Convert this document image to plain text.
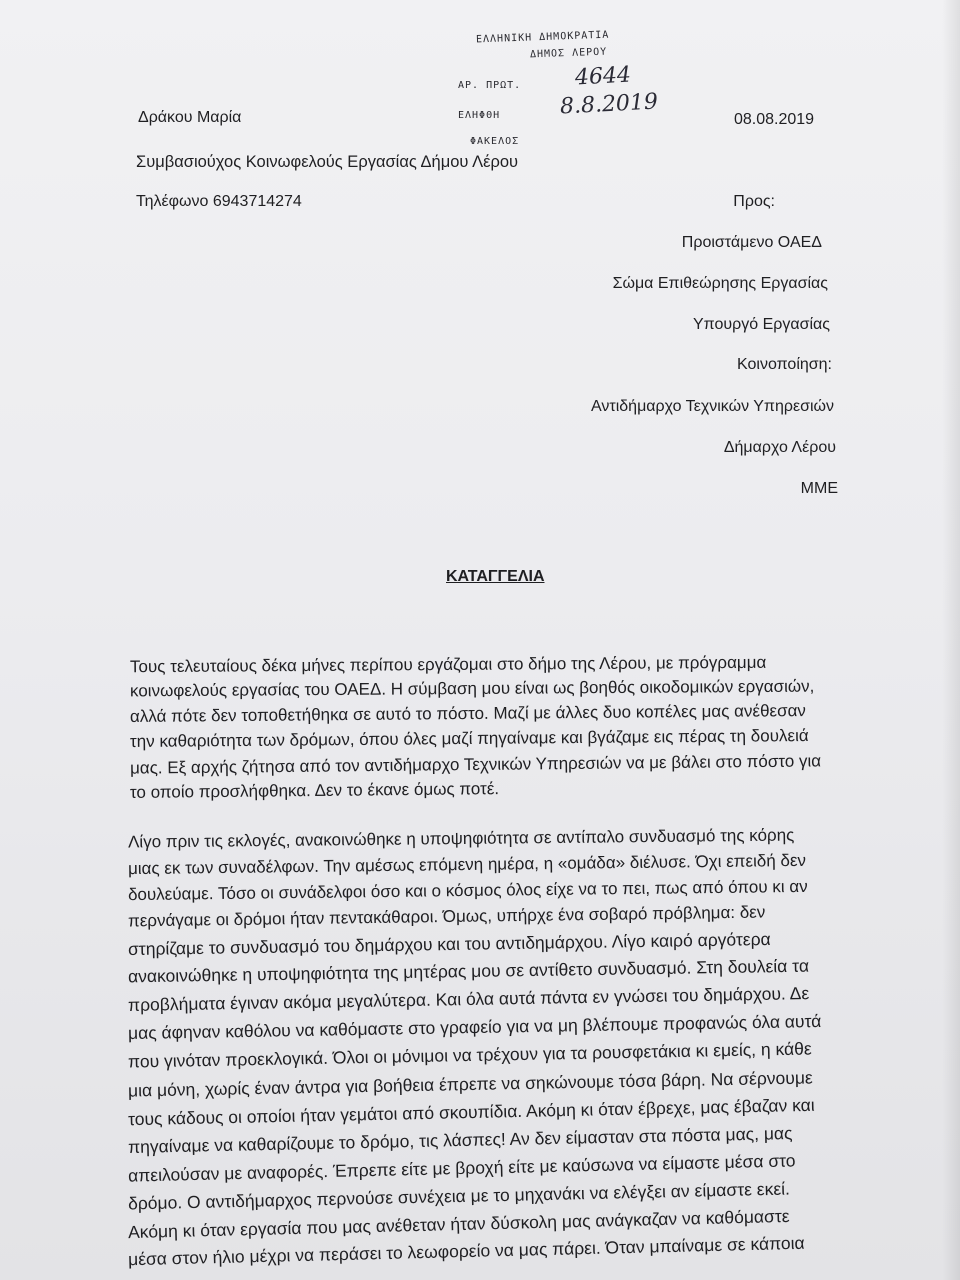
ΕΛΛΗΝΙΚΗ ΔΗΜΟΚΡΑΤΙΑ
ΔΗΜΟΣ ΛΕΡΟΥ
ΑΡ. ΠΡΩΤ. 4644
ΕΛΗΦΘΗ	8.8.2019
ΦΑΚΕΛΟΣ
Δράκου Μαρία	08.08.2019
Συμβασιούχος Κοινωφελούς Εργασίας Δήμου Λέρου
Τηλέφωνο 6943714274	Προς:
Προιστάμενο ΟΑΕΔ
Σώμα Επιθεώρησης Εργασίας
Υπουργό Εργασίας
Κοινοποίηση:
Αντιδήμαρχο Τεχνικών Υπηρεσιών
Δήμαρχο Λέρου
ΜΜΕ
ΚΑΤΑΓΓΕΛΙΑ
Τους τελευταίους δέκα μήνες περίπου εργάζομαι στο δήμο της Λέρου, με πρόγραμμα
κοινωφελούς εργασίας του ΟΑΕΔ. Η σύμβαση μου είναι ως βοηθός οικοδομικών εργασιών,
αλλά πότε δεν τοποθετήθηκα σε αυτό το πόστο. Μαζί με άλλες δυο κοπέλες μας ανέθεσαν
την καθαριότητα των δρόμων, όπου όλες μαζί πηγαίναμε και βγάζαμε εις πέρας τη δουλειά
μας. Εξ αρχής ζήτησα από τον αντιδήμαρχο Τεχνικών Υπηρεσιών να με βάλει στο πόστο για
το οποίο προσλήφθηκα. Δεν το έκανε όμως ποτέ.
Λίγο πριν τις εκλογές, ανακοινώθηκε η υποψηφιότητα σε αντίπαλο συνδυασμό της κόρης
μιας εκ των συναδέλφων. Την αμέσως επόμενη ημέρα, η «ομάδα» διέλυσε. Όχι επειδή δεν
δουλεύαμε. Τόσο οι συνάδελφοι όσο και ο κόσμος όλος είχε να το πει, πως από όπου κι αν
περνάγαμε οι δρόμοι ήταν πεντακάθαροι. Όμως, υπήρχε ένα σοβαρό πρόβλημα: δεν
στηρίζαμε το συνδυασμό του δημάρχου και του αντιδημάρχου. Λίγο καιρό αργότερα
ανακοινώθηκε η υποψηφιότητα της μητέρας μου σε αντίθετο συνδυασμό. Στη δουλεία τα
προβλήματα έγιναν ακόμα μεγαλύτερα. Και όλα αυτά πάντα εν γνώσει του δημάρχου. Δε
μας άφηναν καθόλου να καθόμαστε στο γραφείο για να μη βλέπουμε προφανώς όλα αυτά
που γινόταν προεκλογικά. Όλοι οι μόνιμοι να τρέχουν για τα ρουσφετάκια κι εμείς, η κάθε
μια μόνη, χωρίς έναν άντρα για βοήθεια έπρεπε να σηκώνουμε τόσα βάρη. Να σέρνουμε
τους κάδους οι οποίοι ήταν γεμάτοι από σκουπίδια. Ακόμη κι όταν έβρεχε, μας έβαζαν και
πηγαίναμε να καθαρίζουμε το δρόμο, τις λάσπες! Αν δεν είμασταν στα πόστα μας, μας
απειλούσαν με αναφορές. Έπρεπε είτε με βροχή είτε με καύσωνα να είμαστε μέσα στο
δρόμο. Ο αντιδήμαρχος περνούσε συνέχεια με το μηχανάκι να ελέγξει αν είμαστε εκεί.
Ακόμη κι όταν εργασία που μας ανέθεταν ήταν δύσκολη μας ανάγκαζαν να καθόμαστε
μέσα στον ήλιο μέχρι να περάσει το λεωφορείο να μας πάρει. Όταν μπαίναμε σε κάποια
